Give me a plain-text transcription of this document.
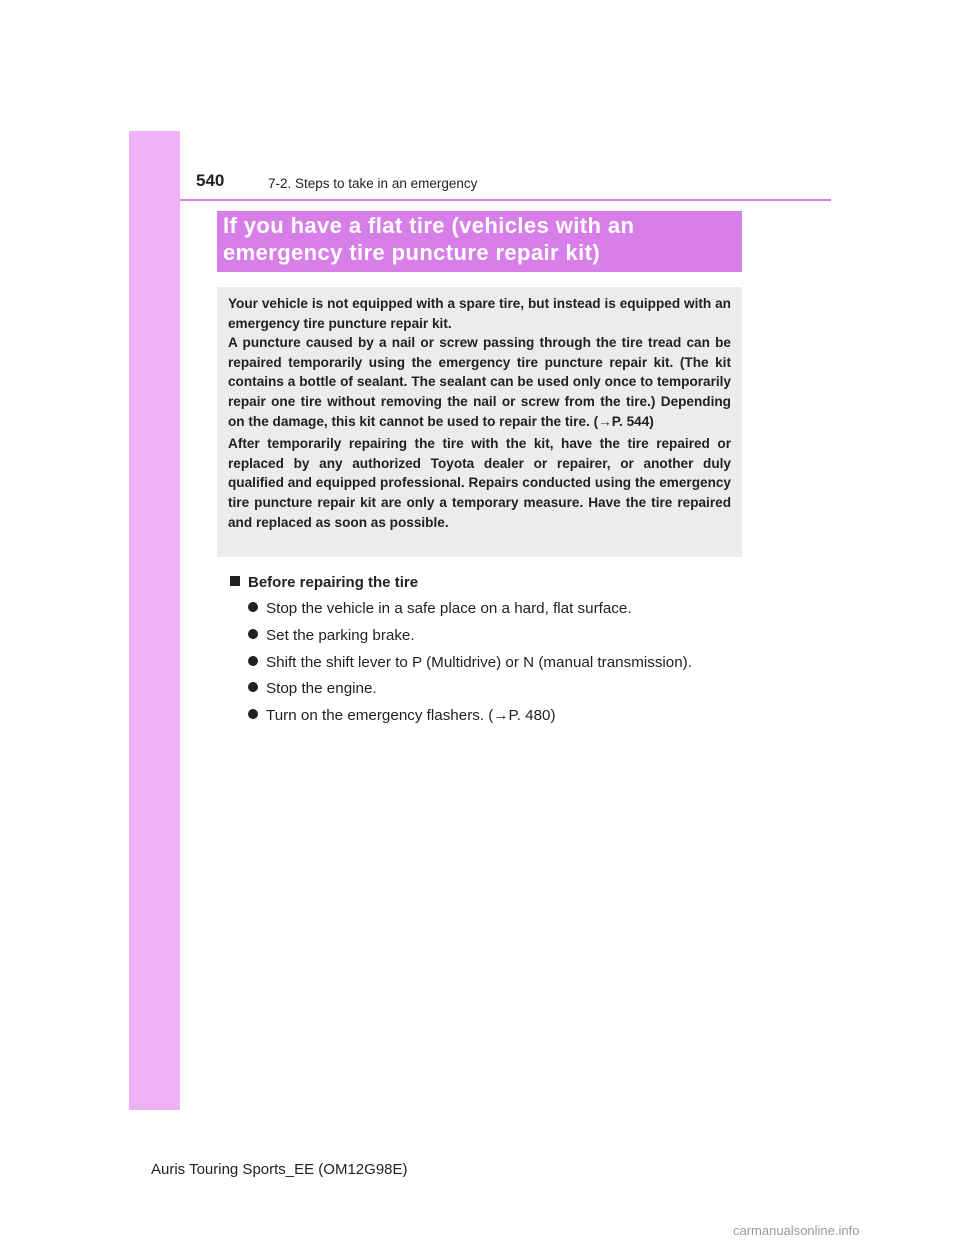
540	7-2. Steps to take in an emergency
If you have a flat tire (vehicles with an
emergency tire puncture repair kit)

Your vehicle is not equipped with a spare tire, but instead is equipped with an emergency tire puncture repair kit.

A puncture caused by a nail or screw passing through the tire tread can be repaired temporarily using the emergency tire puncture repair kit. (The kit contains a bottle of sealant. The sealant can be used only once to temporarily repair one tire without removing the nail or screw from the tire.) Depending on the damage, this kit cannot be used to repair the tire. (→P. 544)

After temporarily repairing the tire with the kit, have the tire repaired or replaced by any authorized Toyota dealer or repairer, or another duly qualified and equipped professional. Repairs conducted using the emergency tire puncture repair kit are only a temporary measure. Have the tire repaired and replaced as soon as possible.

Before repairing the tire
Stop the vehicle in a safe place on a hard, flat surface.
Set the parking brake.
Shift the shift lever to P (Multidrive) or N (manual transmission).
Stop the engine.
Turn on the emergency flashers. (→P. 480)
Auris Touring Sports_EE (OM12G98E)
carmanualsonline.info
